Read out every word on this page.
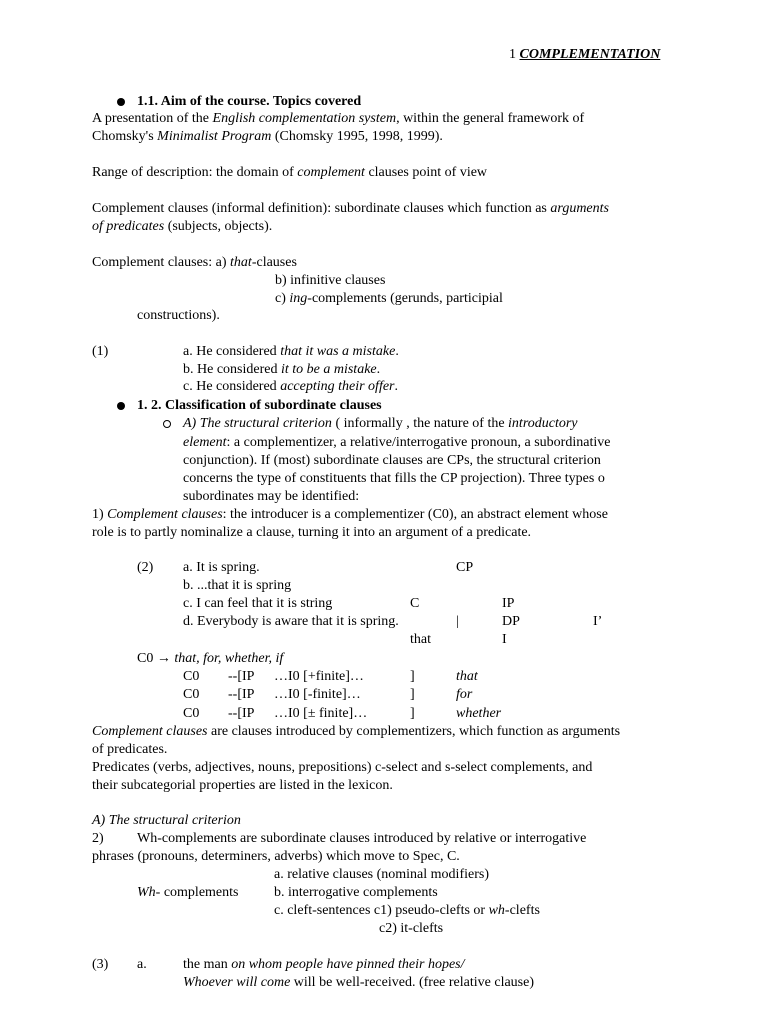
1 COMPLEMENTATION
1.1. Aim of the course. Topics covered
A presentation of the English complementation system, within the general framework of
Chomsky's Minimalist Program (Chomsky 1995, 1998, 1999).
Range of description: the domain of complement clauses point of view
Complement clauses (informal definition): subordinate clauses which function as arguments
of predicates (subjects, objects).
Complement clauses: a) that-clauses
b) infinitive clauses
c) ing-complements (gerunds, participial
constructions).
(1)	a. He considered that it was a mistake.
b. He considered it to be a mistake.
c. He considered accepting their offer.
1. 2. Classification of subordinate clauses
A) The structural criterion ( informally , the nature of the introductory
element: a complementizer, a relative/interrogative pronoun, a subordinative
conjunction). If (most) subordinate clauses are CPs, the structural criterion
concerns the type of constituents that fills the CP projection). Three types o
subordinates may be identified:
1) Complement clauses: the introducer is a complementizer (C0), an abstract element whose
role is to partly nominalize a clause, turning it into an argument of a predicate.
(2) a. It is spring.
b. ...that it is spring
c. I can feel that it is string
d. Everybody is aware that it is spring.
CP
C	IP
|	DP	I’
that	I
C0 → that, for, whether, if
C0 --[IP …I0 [+finite]…	]	that
C0 --[IP …I0 [-finite]…	]	for
C0 --[IP …I0 [± finite]…	]	whether
Complement clauses are clauses introduced by complementizers, which function as arguments
of predicates.
Predicates (verbs, adjectives, nouns, prepositions) c-select and s-select complements, and
their subcategorial properties are listed in the lexicon.
A) The structural criterion
2) Wh-complements are subordinate clauses introduced by relative or interrogative
phrases (pronouns, determiners, adverbs) which move to Spec, C.
a. relative clauses (nominal modifiers)
Wh- complements	b. interrogative complements
c. cleft-sentences c1) pseudo-clefts or wh-clefts
c2) it-clefts
(3) a.	the man on whom people have pinned their hopes/
Whoever will come will be well-received. (free relative clause)
